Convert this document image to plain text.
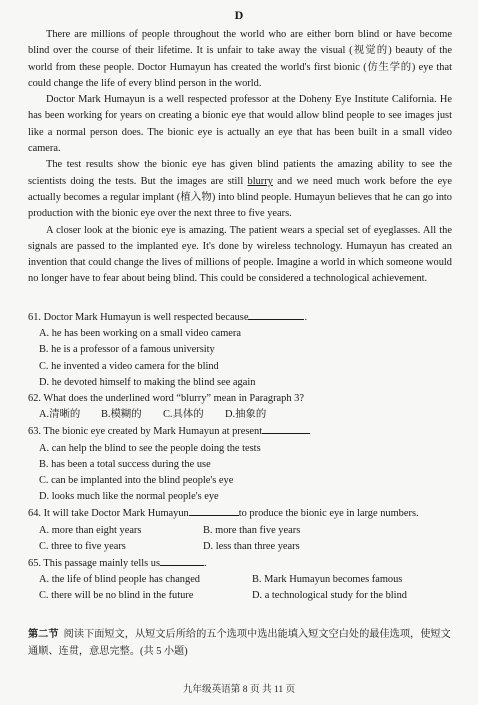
D

There are millions of people throughout the world who are either born blind or have become blind over the course of their lifetime. It is unfair to take away the visual (视觉的) beauty of the world from these people. Doctor Humayun has created the world's first bionic (仿生学的) eye that could change the life of every blind person in the world.

Doctor Mark Humayun is a well respected professor at the Doheny Eye Institute California. He has been working for years on creating a bionic eye that would allow blind people to see images just like a normal person does. The bionic eye is actually an eye that has been built in a small video camera.

The test results show the bionic eye has given blind patients the amazing ability to see the scientists doing the tests. But the images are still blurry and we need much work before the eye actually becomes a regular implant (植入物) into blind people. Humayun believes that he can go into production with the bionic eye over the next three to five years.

A closer look at the bionic eye is amazing. The patient wears a special set of eyeglasses. All the signals are passed to the implanted eye. It's done by wireless technology. Humayun has created an invention that could change the lives of millions of people. Imagine a world in which someone would no longer have to fear about being blind. This could be considered a technological achievement.

61. Doctor Mark Humayun is well respected because	.

A. he has been working on a small video camera

B. he is a professor of a famous university

C. he invented a video camera for the blind

D. he devoted himself to making the blind see again

62. What does the underlined word “blurry” mean in Paragraph 3?

A.清晰的	B.模糊的	C.具体的	D.抽象的

63. The bionic eye created by Mark Humayun at present

A. can help the blind to see the people doing the tests

B. has been a total success during the use

C. can be implanted into the blind people's eye

D. looks much like the normal people's eye

64. It will take Doctor Mark Humayun	to produce the bionic eye in large numbers.

A. more than eight years	B. more than five years
C. three to five years	D. less than three years

65. This passage mainly tells us	.

A. the life of blind people has changed	B. Mark Humayun becomes famous
C. there will be no blind in the future	D. a technological study for the blind

第二节 阅读下面短文，从短文后所给的五个选项中选出能填入短文空白处的最佳选项，使短文通顺、连贯，意思完整。(共 5 小题)

九年级英语第 8 页 共 11 页
